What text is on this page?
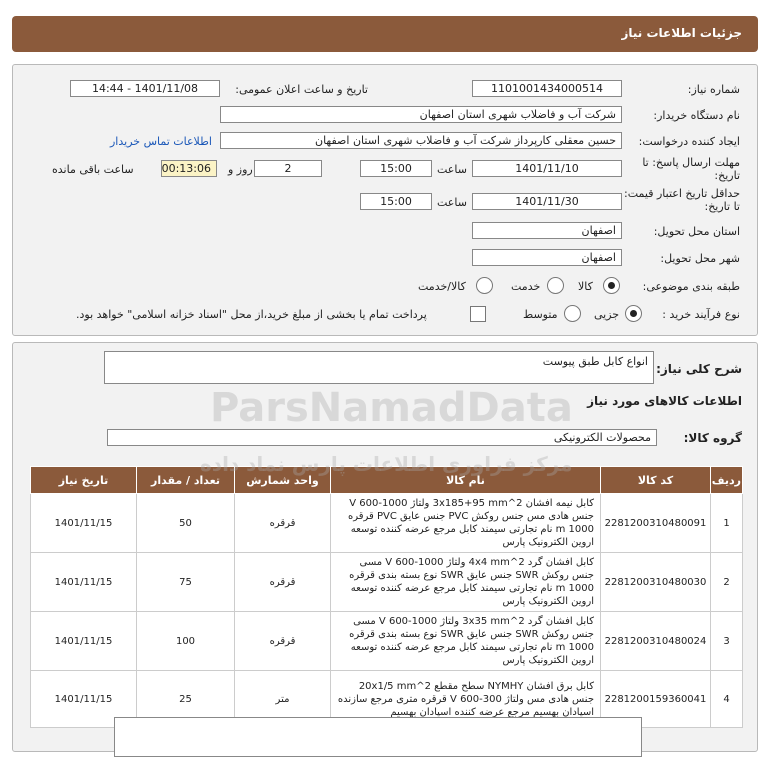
جزئیات اطلاعات نیاز
شماره نیاز:
1101001434000514
تاریخ و ساعت اعلان عمومی:
1401/11/08 - 14:44
نام دستگاه خریدار:
شرکت آب و فاضلاب شهری استان اصفهان
ایجاد کننده درخواست:
حسین معقلی کارپرداز شرکت آب و فاضلاب شهری استان اصفهان
اطلاعات تماس خریدار
مهلت ارسال پاسخ: تا تاریخ:
1401/11/10
ساعت
15:00
2
روز و
00:13:06
ساعت باقی مانده
حداقل تاریخ اعتبار قیمت: تا تاریخ:
1401/11/30
ساعت
15:00
استان محل تحویل:
اصفهان
شهر محل تحویل:
اصفهان
طبقه بندی موضوعی:
کالا
خدمت
کالا/خدمت
نوع فرآیند خرید :
جزیی
متوسط
پرداخت تمام یا بخشی از مبلغ خرید،از محل "اسناد خزانه اسلامی" خواهد بود.
شرح کلی نیاز:
انواع کابل طبق پیوست
اطلاعات کالاهای مورد نیاز
گروه کالا:
محصولات الکترونیکی
ردیف	کد کالا	نام کالا	واحد شمارش	تعداد / مقدار	تاریخ نیاز
1	2281200310480091	کابل نیمه افشان 2^3x185+95 mm ولتاژ 1000-600 V جنس هادی مس جنس روکش PVC جنس عایق PVC قرقره 1000 m نام تجارتی سیمند کابل مرجع عرضه کننده توسعه اروین الکترونیک پارس	قرقره	50	1401/11/15
2	2281200310480030	کابل افشان گرد 2^4x4 mm ولتاژ 1000-600 V مسی جنس روکش SWR جنس عایق SWR نوع بسته بندی قرقره 1000 m نام تجارتی سیمند کابل مرجع عرضه کننده توسعه اروین الکترونیک پارس	قرقره	75	1401/11/15
3	2281200310480024	کابل افشان گرد 2^3x35 mm ولتاژ 1000-600 V مسی جنس روکش SWR جنس عایق SWR نوع بسته بندی قرقره 1000 m نام تجارتی سیمند کابل مرجع عرضه کننده توسعه اروین الکترونیک پارس	قرقره	100	1401/11/15
4	2281200159360041	کابل برق افشان NYMHY سطح مقطع 2^20x1/5 mm جنس هادی مس ولتاژ 300-600 V قرقره متری مرجع سازنده اسپادان بهسیم مرجع عرضه کننده اسپادان بهسیم	متر	25	1401/11/15
ParsNamadData
مرکز فراوری اطلاعات پارس نماد داده
